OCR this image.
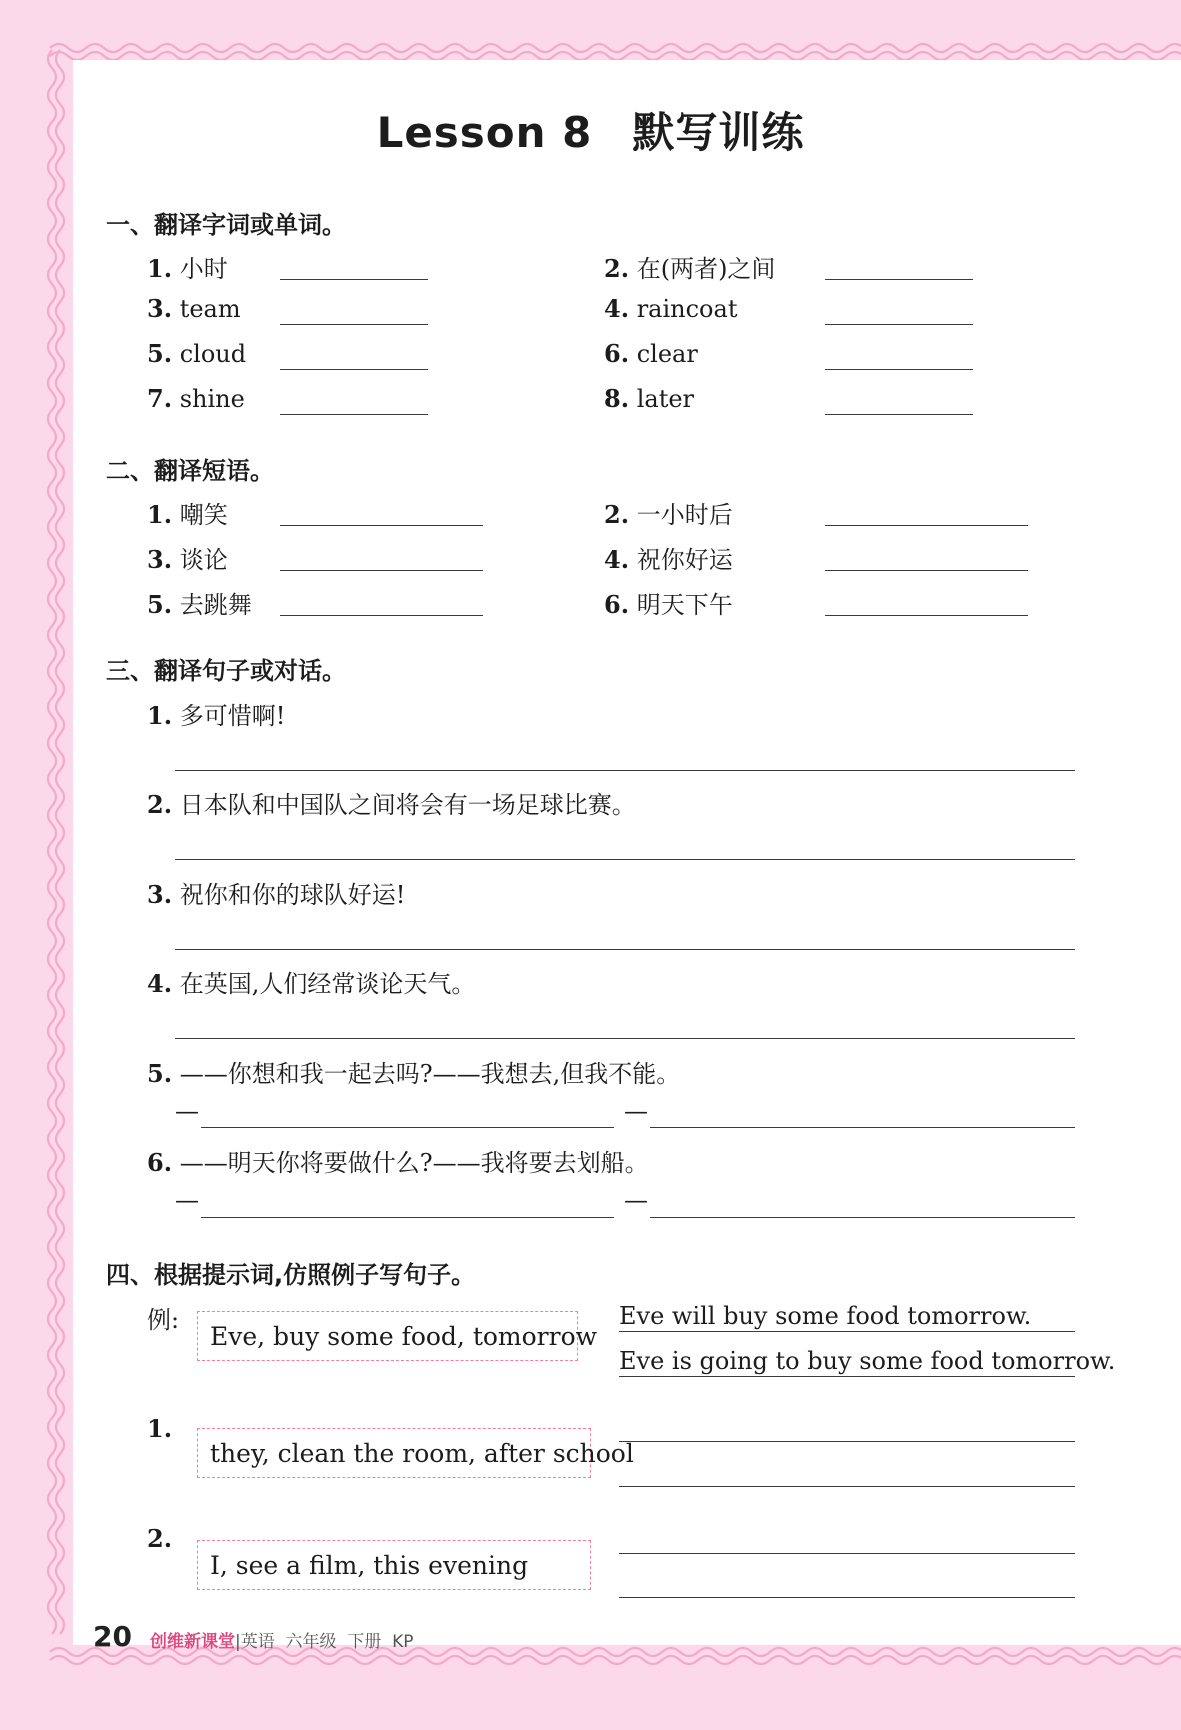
Lesson 8 默写训练
一、翻译字词或单词。
1. 小时	2. 在(两者)之间
3. team	4. raincoat
5. cloud	6. clear
7. shine	8. later
二、翻译短语。
1. 嘲笑	2. 一小时后
3. 谈论	4. 祝你好运
5. 去跳舞	6. 明天下午
三、翻译句子或对话。
1. 多可惜啊!
2. 日本队和中国队之间将会有一场足球比赛。
3. 祝你和你的球队好运!
4. 在英国,人们经常谈论天气。
5. ——你想和我一起去吗?——我想去,但我不能。
—	—
6. ——明天你将要做什么?——我将要去划船。
—	—
四、根据提示词,仿照例子写句子。
例:
Eve, buy some food, tomorrow
Eve will buy some food tomorrow.
Eve is going to buy some food tomorrow.
1.
they, clean the room, after school
2.
I, see a film, this evening
20 创维新课堂|英语  六年级  下册  KP
